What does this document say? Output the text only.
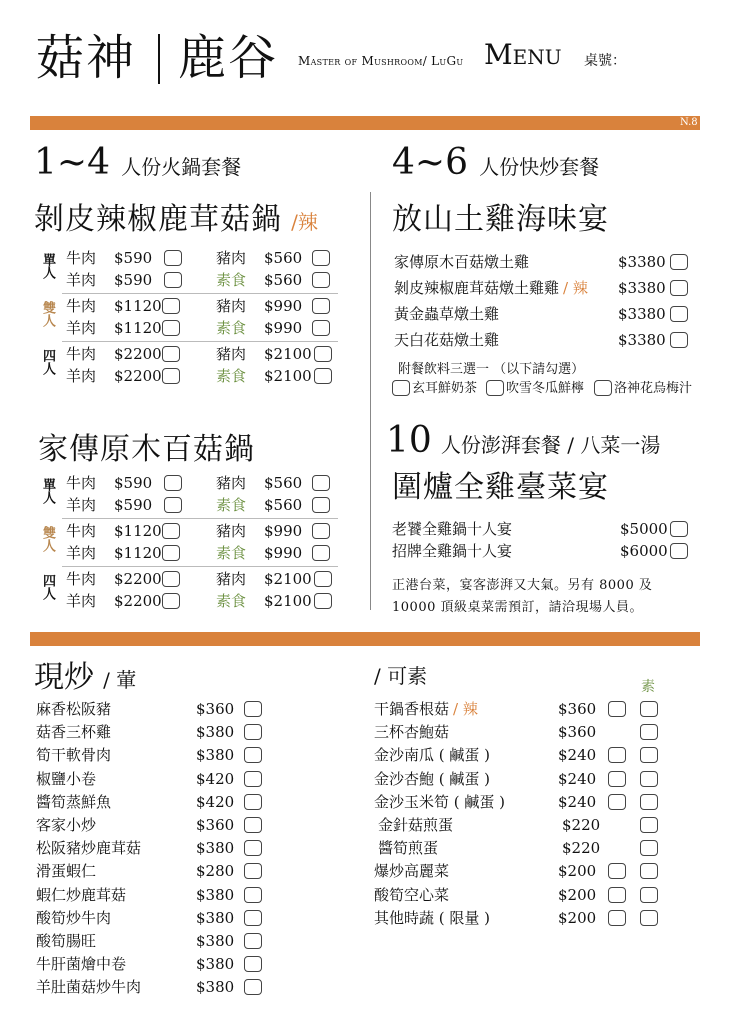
菇神 鹿谷 Master of Mushroom/ LuGu Menu 桌號：
N.8
1~4 人份火鍋套餐
剝皮辣椒鹿茸菇鍋 /辣
單人 牛肉 $590	豬肉 $560
羊肉 $590	素食 $560
雙人 牛肉 $1120	豬肉 $990
羊肉 $1120	素食 $990
四人 牛肉 $2200	豬肉 $2100
羊肉 $2200	素食 $2100
家傳原木百菇鍋
單人 牛肉 $590	豬肉 $560
羊肉 $590	素食 $560
雙人 牛肉 $1120	豬肉 $990
羊肉 $1120	素食 $990
四人 牛肉 $2200	豬肉 $2100
羊肉 $2200	素食 $2100
4~6 人份快炒套餐
放山土雞海味宴
家傳原木百菇燉土雞	$3380
剝皮辣椒鹿茸菇燉土雞雞 / 辣 $3380
黃金蟲草燉土雞	$3380
天白花菇燉土雞	$3380
附餐飲料三選一 （以下請勾選）
玄耳鮮奶茶 吹雪冬瓜鮮檸 洛神花烏梅汁
10 人份澎湃套餐 / 八菜一湯
圍爐全雞臺菜宴
老饕全雞鍋十人宴	$5000
招牌全雞鍋十人宴	$6000
正港台菜，宴客澎湃又大氣。另有 8000 及
10000 頂級桌菜需預訂，請洽現場人員。
現炒 / 葷	/ 可素	素
麻香松阪豬	$360
菇香三杯雞	$380
筍干軟骨肉	$380
椒鹽小卷	$420
醬筍蒸鮮魚	$420
客家小炒	$360
松阪豬炒鹿茸菇	$380
滑蛋蝦仁	$280
蝦仁炒鹿茸菇	$380
酸筍炒牛肉	$380
酸筍腸旺	$380
牛肝菌燴中卷	$380
羊肚菌菇炒牛肉	$380
干鍋香根菇 / 辣	$360
三杯杏鮑菇	$360
金沙南瓜 ( 鹹蛋 )	$240
金沙杏鮑 ( 鹹蛋 )	$240
金沙玉米筍 ( 鹹蛋 )	$240
金針菇煎蛋	$220
醬筍煎蛋	$220
爆炒高麗菜	$200
酸筍空心菜	$200
其他時蔬 ( 限量 )	$200
